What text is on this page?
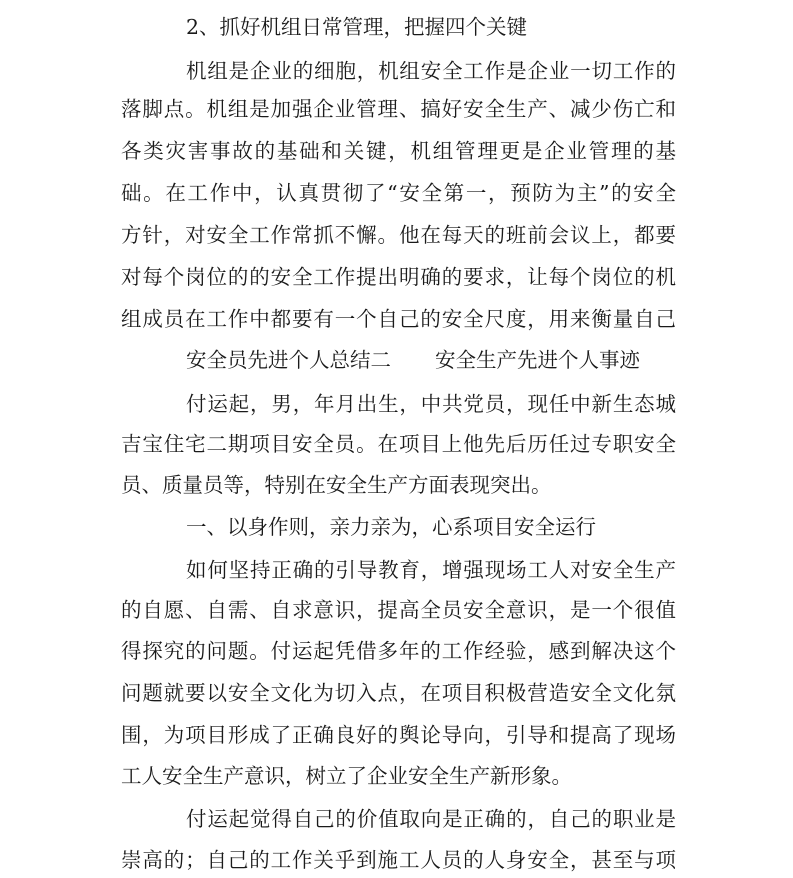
2、抓好机组日常管理，把握四个关键
机组是企业的细胞，机组安全工作是企业一切工作的
落脚点。机组是加强企业管理、搞好安全生产、减少伤亡和
各类灾害事故的基础和关键，机组管理更是企业管理的基
础。在工作中，认真贯彻了“安全第一，预防为主”的安全
方针，对安全工作常抓不懈。他在每天的班前会议上，都要
对每个岗位的的安全工作提出明确的要求，让每个岗位的机
组成员在工作中都要有一个自己的安全尺度，用来衡量自己
安全员先进个人总结二 安全生产先进个人事迹
付运起，男，年月出生，中共党员，现任中新生态城
吉宝住宅二期项目安全员。在项目上他先后历任过专职安全
员、质量员等，特别在安全生产方面表现突出。
一、以身作则，亲力亲为，心系项目安全运行
如何坚持正确的引导教育，增强现场工人对安全生产
的自愿、自需、自求意识，提高全员安全意识，是一个很值
得探究的问题。付运起凭借多年的工作经验，感到解决这个
问题就要以安全文化为切入点，在项目积极营造安全文化氛
围，为项目形成了正确良好的舆论导向，引导和提高了现场
工人安全生产意识，树立了企业安全生产新形象。
付运起觉得自己的价值取向是正确的，自己的职业是
崇高的；自己的工作关乎到施工人员的人身安全，甚至与项
